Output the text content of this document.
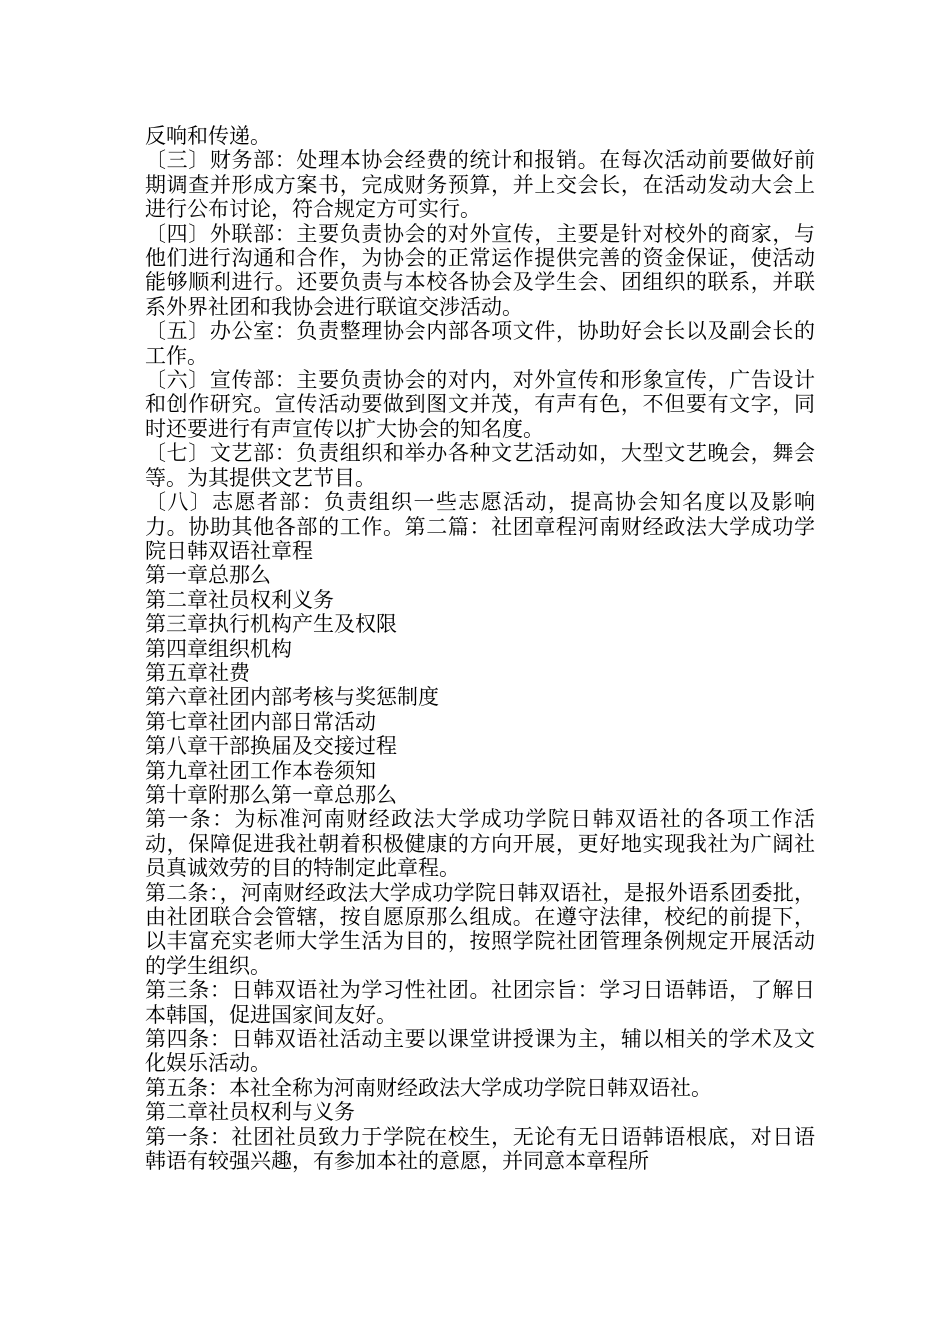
反响和传递。

〔三〕财务部：处理本协会经费的统计和报销。在每次活动前要做好前期调查并形成方案书，完成财务预算，并上交会长，在活动发动大会上进行公布讨论，符合规定方可实行。

〔四〕外联部：主要负责协会的对外宣传，主要是针对校外的商家，与他们进行沟通和合作，为协会的正常运作提供完善的资金保证，使活动能够顺利进行。还要负责与本校各协会及学生会、团组织的联系，并联系外界社团和我协会进行联谊交涉活动。

〔五〕办公室：负责整理协会内部各项文件，协助好会长以及副会长的工作。

〔六〕宣传部：主要负责协会的对内，对外宣传和形象宣传，广告设计和创作研究。宣传活动要做到图文并茂，有声有色，不但要有文字，同时还要进行有声宣传以扩大协会的知名度。

〔七〕文艺部：负责组织和举办各种文艺活动如，大型文艺晚会，舞会等。为其提供文艺节目。

〔八〕志愿者部：负责组织一些志愿活动，提高协会知名度以及影响力。协助其他各部的工作。第二篇：社团章程河南财经政法大学成功学院日韩双语社章程

第一章总那么

第二章社员权利义务

第三章执行机构产生及权限

第四章组织机构

第五章社费

第六章社团内部考核与奖惩制度

第七章社团内部日常活动

第八章干部换届及交接过程

第九章社团工作本卷须知

第十章附那么第一章总那么

第一条：为标准河南财经政法大学成功学院日韩双语社的各项工作活动，保障促进我社朝着积极健康的方向开展，更好地实现我社为广阔社员真诚效劳的目的特制定此章程。

第二条：，河南财经政法大学成功学院日韩双语社，是报外语系团委批，由社团联合会管辖，按自愿原那么组成。在遵守法律，校纪的前提下，以丰富充实老师大学生活为目的，按照学院社团管理条例规定开展活动的学生组织。

第三条：日韩双语社为学习性社团。社团宗旨：学习日语韩语，了解日本韩国，促进国家间友好。

第四条：日韩双语社活动主要以课堂讲授课为主，辅以相关的学术及文化娱乐活动。

第五条：本社全称为河南财经政法大学成功学院日韩双语社。

第二章社员权利与义务

第一条：社团社员致力于学院在校生，无论有无日语韩语根底，对日语韩语有较强兴趣，有参加本社的意愿，并同意本章程所
